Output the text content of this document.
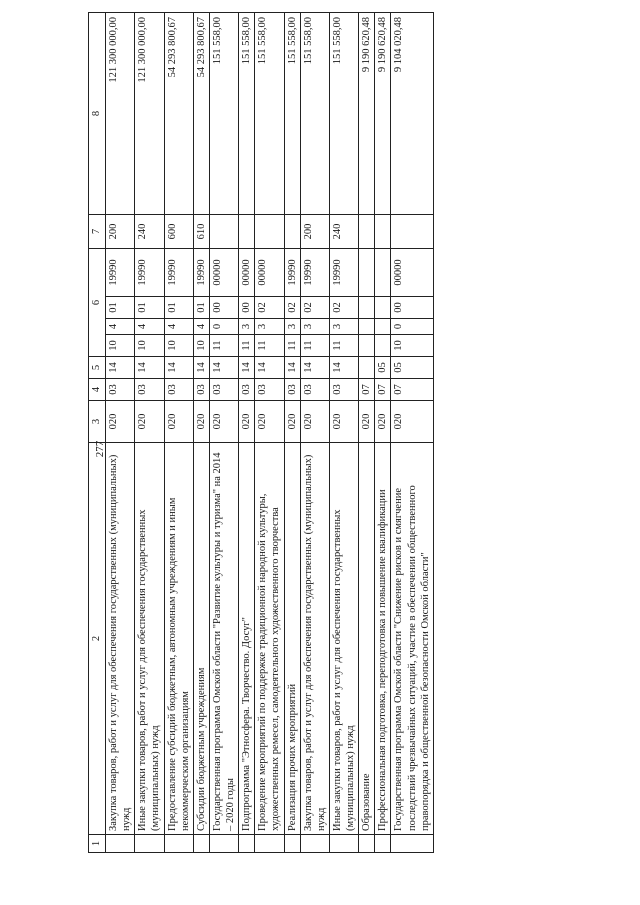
277
1	2	3	4	5	6				7	8
	Закупка товаров, работ и услуг для обеспечения государственных (муниципальных) нужд	020	03	14	10	4	01	19990	200	121 300 000,00
	Иные закупки товаров, работ и услуг для обеспечения государственных (муниципальных) нужд	020	03	14	10	4	01	19990	240	121 300 000,00
	Предоставление субсидий бюджетным, автономным учреждениям и иным некоммерческим организациям	020	03	14	10	4	01	19990	600	54 293 800,67
	Субсидии бюджетным учреждениям	020	03	14	10	4	01	19990	610	54 293 800,67
	Государственная программа Омской области "Развитие культуры и туризма" на 2014 – 2020 годы	020	03	14	11	0	00	00000		151 558,00
	Подпрограмма "Этносфера. Творчество. Досуг"	020	03	14	11	3	00	00000		151 558,00
	Проведение мероприятий по поддержке традиционной народной культуры, художественных ремесел, самодеятельного художественного творчества	020	03	14	11	3	02	00000		151 558,00
	Реализация прочих мероприятий	020	03	14	11	3	02	19990		151 558,00
	Закупка товаров, работ и услуг для обеспечения государственных (муниципальных) нужд	020	03	14	11	3	02	19990	200	151 558,00
	Иные закупки товаров, работ и услуг для обеспечения государственных (муниципальных) нужд	020	03	14	11	3	02	19990	240	151 558,00
	Образование	020	07							9 190 620,48
	Профессиональная подготовка, переподготовка и повышение квалификации	020	07	05						9 190 620,48
	Государственная программа Омской области "Снижение рисков и смягчение последствий чрезвычайных ситуаций, участие в обеспечении общественного правопорядка и общественной безопасности Омской области"	020	07	05	10	0	00	00000		9 104 020,48
